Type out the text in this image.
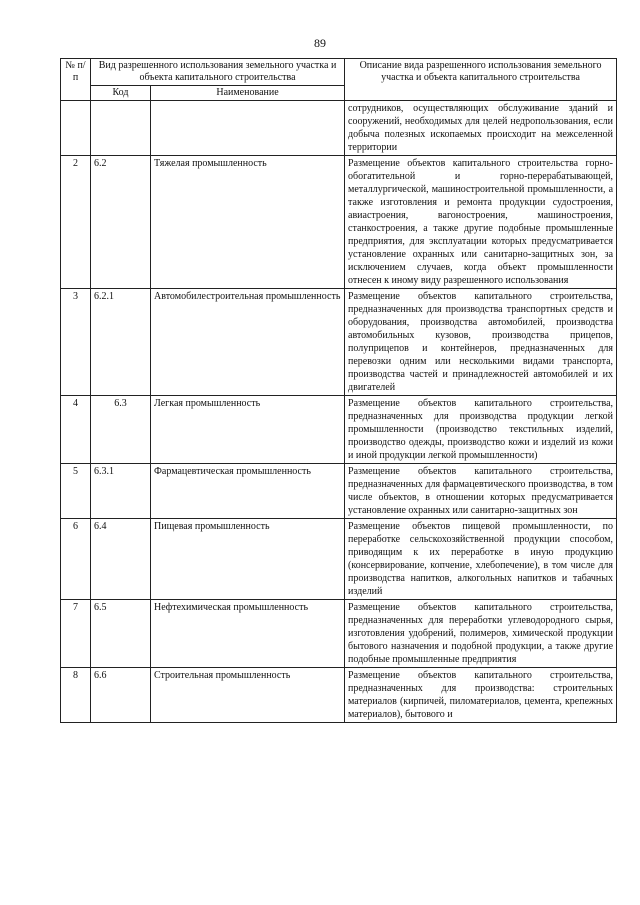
89
№ п/п	Вид разрешенного использования земельного участка и объекта капитального строительства		Описание вида разрешенного использования земельного участка и объекта капитального строительства
	Код	Наименование	
			сотрудников, осуществляющих обслуживание зданий и сооружений, необходимых для целей недропользования, если добыча полезных ископаемых происходит на межселенной территории
2	6.2	Тяжелая промышленность	Размещение объектов капитального строительства горно-обогатительной и горно-перерабатывающей, металлургической, машиностроительной промышленности, а также изготовления и ремонта продукции судостроения, авиастроения, вагоностроения, машиностроения, станкостроения, а также другие подобные промышленные предприятия, для эксплуатации которых предусматривается установление охранных или санитарно-защитных зон, за исключением случаев, когда объект промышленности отнесен к иному виду разрешенного использования
3	6.2.1	Автомобилестроительная промышленность	Размещение объектов капитального строительства, предназначенных для производства транспортных средств и оборудования, производства автомобилей, производства автомобильных кузовов, производства прицепов, полуприцепов и контейнеров, предназначенных для перевозки одним или несколькими видами транспорта, производства частей и принадлежностей автомобилей и их двигателей
4	6.3	Легкая промышленность	Размещение объектов капитального строительства, предназначенных для производства продукции легкой промышленности (производство текстильных изделий, производство одежды, производство кожи и изделий из кожи и иной продукции легкой промышленности)
5	6.3.1	Фармацевтическая промышленность	Размещение объектов капитального строительства, предназначенных для фармацевтического производства, в том числе объектов, в отношении которых предусматривается установление охранных или санитарно-защитных зон
6	6.4	Пищевая промышленность	Размещение объектов пищевой промышленности, по переработке сельскохозяйственной продукции способом, приводящим к их переработке в иную продукцию (консервирование, копчение, хлебопечение), в том числе для производства напитков, алкогольных напитков и табачных изделий
7	6.5	Нефтехимическая промышленность	Размещение объектов капитального строительства, предназначенных для переработки углеводородного сырья, изготовления удобрений, полимеров, химической продукции бытового назначения и подобной продукции, а также другие подобные промышленные предприятия
8	6.6	Строительная промышленность	Размещение объектов капитального строительства, предназначенных для производства: строительных материалов (кирпичей, пиломатериалов, цемента, крепежных материалов), бытового и
